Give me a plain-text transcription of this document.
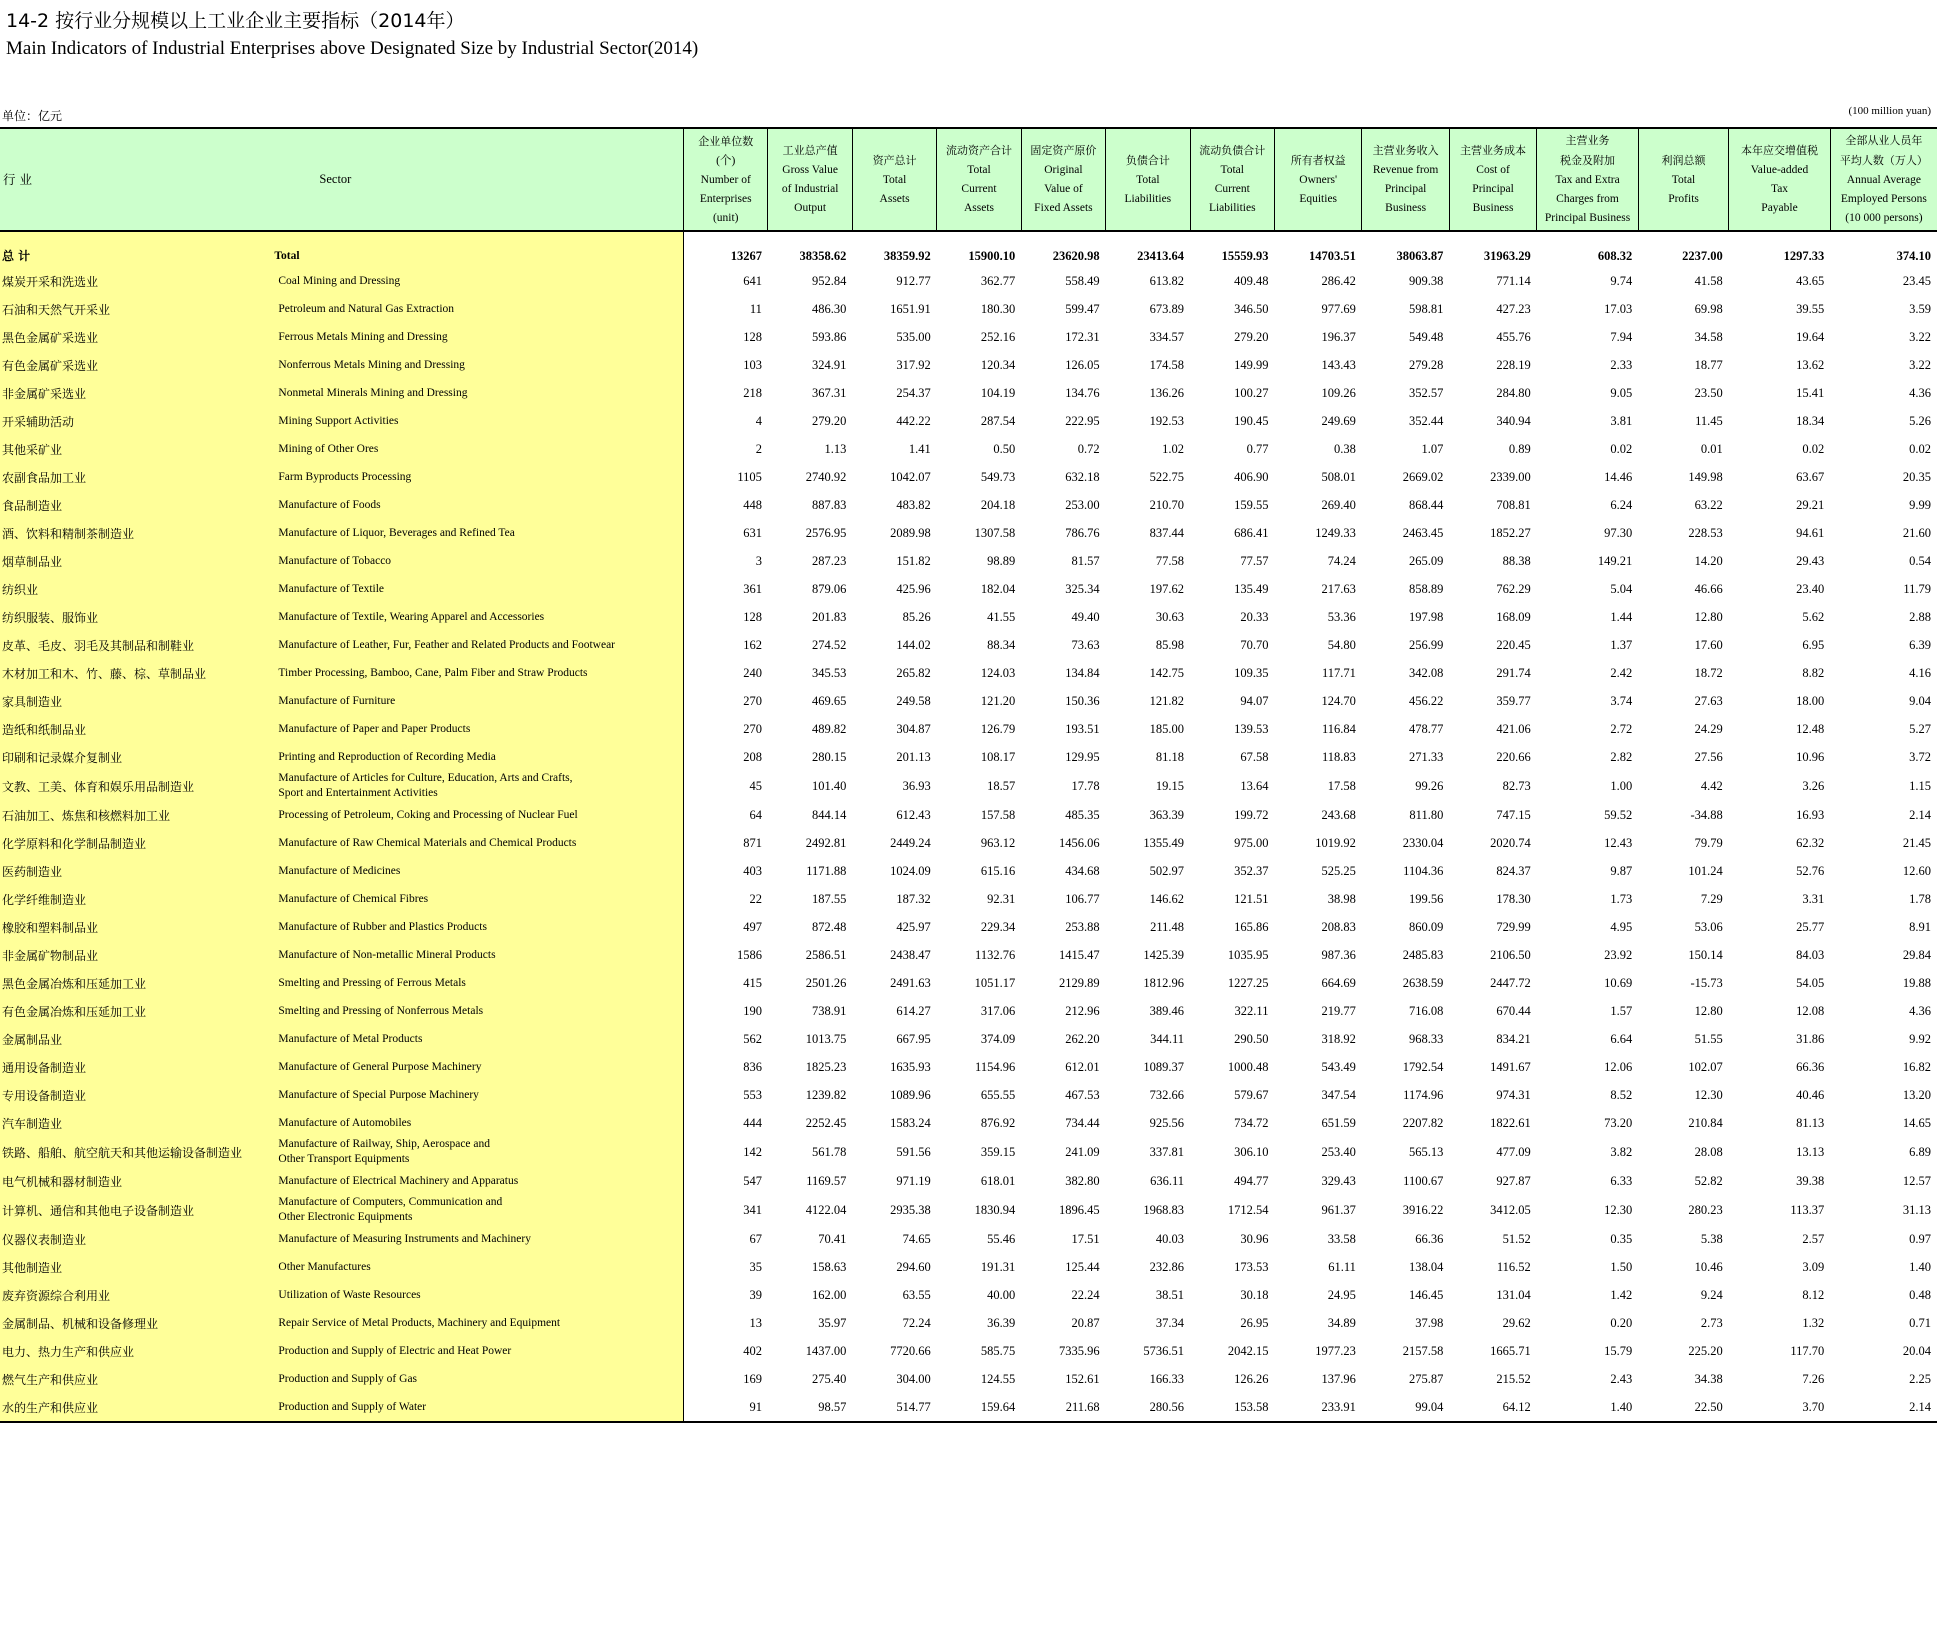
14-2 按行业分规模以上工业企业主要指标（2014年）
Main Indicators of Industrial Enterprises above Designated Size by Industrial Sector(2014)
单位：亿元	(100 million yuan)
行 业	Sector	企业单位数
(个)
Number of
Enterprises
(unit)	工业总产值
Gross Value
of Industrial
Output	资产总计
Total
Assets	流动资产合计
Total
Current
Assets	固定资产原价
Original
Value of
Fixed Assets	负债合计
Total
Liabilities	流动负债合计
Total
Current
Liabilities	所有者权益
Owners'
Equities	主营业务收入
Revenue from
Principal
Business	主营业务成本
Cost of
Principal
Business	主营业务
税金及附加
Tax and Extra
Charges from
Principal Business	利润总额
Total
Profits	本年应交增值税
Value-added
Tax
Payable	全部从业人员年
平均人数（万人）
Annual Average
Employed Persons
(10 000 persons)
总 计	Total	13267	38358.62	38359.92	15900.10	23620.98	23413.64	15559.93	14703.51	38063.87	31963.29	608.32	2237.00	1297.33	374.10
煤炭开采和洗选业	Coal Mining and Dressing	641	952.84	912.77	362.77	558.49	613.82	409.48	286.42	909.38	771.14	9.74	41.58	43.65	23.45
石油和天然气开采业	Petroleum and Natural Gas Extraction	11	486.30	1651.91	180.30	599.47	673.89	346.50	977.69	598.81	427.23	17.03	69.98	39.55	3.59
黑色金属矿采选业	Ferrous Metals Mining and Dressing	128	593.86	535.00	252.16	172.31	334.57	279.20	196.37	549.48	455.76	7.94	34.58	19.64	3.22
有色金属矿采选业	Nonferrous Metals Mining and Dressing	103	324.91	317.92	120.34	126.05	174.58	149.99	143.43	279.28	228.19	2.33	18.77	13.62	3.22
非金属矿采选业	Nonmetal Minerals Mining and Dressing	218	367.31	254.37	104.19	134.76	136.26	100.27	109.26	352.57	284.80	9.05	23.50	15.41	4.36
开采辅助活动	Mining Support Activities	4	279.20	442.22	287.54	222.95	192.53	190.45	249.69	352.44	340.94	3.81	11.45	18.34	5.26
其他采矿业	Mining of Other Ores	2	1.13	1.41	0.50	0.72	1.02	0.77	0.38	1.07	0.89	0.02	0.01	0.02	0.02
农副食品加工业	Farm Byproducts Processing	1105	2740.92	1042.07	549.73	632.18	522.75	406.90	508.01	2669.02	2339.00	14.46	149.98	63.67	20.35
食品制造业	Manufacture of Foods	448	887.83	483.82	204.18	253.00	210.70	159.55	269.40	868.44	708.81	6.24	63.22	29.21	9.99
酒、饮料和精制茶制造业	Manufacture of Liquor, Beverages and Refined Tea	631	2576.95	2089.98	1307.58	786.76	837.44	686.41	1249.33	2463.45	1852.27	97.30	228.53	94.61	21.60
烟草制品业	Manufacture of Tobacco	3	287.23	151.82	98.89	81.57	77.58	77.57	74.24	265.09	88.38	149.21	14.20	29.43	0.54
纺织业	Manufacture of Textile	361	879.06	425.96	182.04	325.34	197.62	135.49	217.63	858.89	762.29	5.04	46.66	23.40	11.79
纺织服装、服饰业	Manufacture of Textile, Wearing Apparel and Accessories	128	201.83	85.26	41.55	49.40	30.63	20.33	53.36	197.98	168.09	1.44	12.80	5.62	2.88
皮革、毛皮、羽毛及其制品和制鞋业	Manufacture of Leather, Fur, Feather and Related Products and Footwear	162	274.52	144.02	88.34	73.63	85.98	70.70	54.80	256.99	220.45	1.37	17.60	6.95	6.39
木材加工和木、竹、藤、棕、草制品业	Timber Processing, Bamboo, Cane, Palm Fiber and Straw Products	240	345.53	265.82	124.03	134.84	142.75	109.35	117.71	342.08	291.74	2.42	18.72	8.82	4.16
家具制造业	Manufacture of Furniture	270	469.65	249.58	121.20	150.36	121.82	94.07	124.70	456.22	359.77	3.74	27.63	18.00	9.04
造纸和纸制品业	Manufacture of Paper and Paper Products	270	489.82	304.87	126.79	193.51	185.00	139.53	116.84	478.77	421.06	2.72	24.29	12.48	5.27
印刷和记录媒介复制业	Printing and Reproduction of Recording Media	208	280.15	201.13	108.17	129.95	81.18	67.58	118.83	271.33	220.66	2.82	27.56	10.96	3.72
文教、工美、体育和娱乐用品制造业	Manufacture of Articles for Culture, Education, Arts and Crafts,
Sport and Entertainment Activities	45	101.40	36.93	18.57	17.78	19.15	13.64	17.58	99.26	82.73	1.00	4.42	3.26	1.15
石油加工、炼焦和核燃料加工业	Processing of Petroleum, Coking and Processing of Nuclear Fuel	64	844.14	612.43	157.58	485.35	363.39	199.72	243.68	811.80	747.15	59.52	-34.88	16.93	2.14
化学原料和化学制品制造业	Manufacture of Raw Chemical Materials and Chemical Products	871	2492.81	2449.24	963.12	1456.06	1355.49	975.00	1019.92	2330.04	2020.74	12.43	79.79	62.32	21.45
医药制造业	Manufacture of Medicines	403	1171.88	1024.09	615.16	434.68	502.97	352.37	525.25	1104.36	824.37	9.87	101.24	52.76	12.60
化学纤维制造业	Manufacture of Chemical Fibres	22	187.55	187.32	92.31	106.77	146.62	121.51	38.98	199.56	178.30	1.73	7.29	3.31	1.78
橡胶和塑料制品业	Manufacture of Rubber and Plastics Products	497	872.48	425.97	229.34	253.88	211.48	165.86	208.83	860.09	729.99	4.95	53.06	25.77	8.91
非金属矿物制品业	Manufacture of Non-metallic Mineral Products	1586	2586.51	2438.47	1132.76	1415.47	1425.39	1035.95	987.36	2485.83	2106.50	23.92	150.14	84.03	29.84
黑色金属冶炼和压延加工业	Smelting and Pressing of Ferrous Metals	415	2501.26	2491.63	1051.17	2129.89	1812.96	1227.25	664.69	2638.59	2447.72	10.69	-15.73	54.05	19.88
有色金属冶炼和压延加工业	Smelting and Pressing of Nonferrous Metals	190	738.91	614.27	317.06	212.96	389.46	322.11	219.77	716.08	670.44	1.57	12.80	12.08	4.36
金属制品业	Manufacture of Metal Products	562	1013.75	667.95	374.09	262.20	344.11	290.50	318.92	968.33	834.21	6.64	51.55	31.86	9.92
通用设备制造业	Manufacture of General Purpose Machinery	836	1825.23	1635.93	1154.96	612.01	1089.37	1000.48	543.49	1792.54	1491.67	12.06	102.07	66.36	16.82
专用设备制造业	Manufacture of Special Purpose Machinery	553	1239.82	1089.96	655.55	467.53	732.66	579.67	347.54	1174.96	974.31	8.52	12.30	40.46	13.20
汽车制造业	Manufacture of Automobiles	444	2252.45	1583.24	876.92	734.44	925.56	734.72	651.59	2207.82	1822.61	73.20	210.84	81.13	14.65
铁路、船舶、航空航天和其他运输设备制造业	Manufacture of Railway, Ship, Aerospace and
Other Transport Equipments	142	561.78	591.56	359.15	241.09	337.81	306.10	253.40	565.13	477.09	3.82	28.08	13.13	6.89
电气机械和器材制造业	Manufacture of Electrical Machinery and Apparatus	547	1169.57	971.19	618.01	382.80	636.11	494.77	329.43	1100.67	927.87	6.33	52.82	39.38	12.57
计算机、通信和其他电子设备制造业	Manufacture of Computers, Communication and
Other Electronic Equipments	341	4122.04	2935.38	1830.94	1896.45	1968.83	1712.54	961.37	3916.22	3412.05	12.30	280.23	113.37	31.13
仪器仪表制造业	Manufacture of Measuring Instruments and Machinery	67	70.41	74.65	55.46	17.51	40.03	30.96	33.58	66.36	51.52	0.35	5.38	2.57	0.97
其他制造业	Other Manufactures	35	158.63	294.60	191.31	125.44	232.86	173.53	61.11	138.04	116.52	1.50	10.46	3.09	1.40
废弃资源综合利用业	Utilization of Waste Resources	39	162.00	63.55	40.00	22.24	38.51	30.18	24.95	146.45	131.04	1.42	9.24	8.12	0.48
金属制品、机械和设备修理业	Repair Service of Metal Products, Machinery and Equipment	13	35.97	72.24	36.39	20.87	37.34	26.95	34.89	37.98	29.62	0.20	2.73	1.32	0.71
电力、热力生产和供应业	Production and Supply of Electric and Heat Power	402	1437.00	7720.66	585.75	7335.96	5736.51	2042.15	1977.23	2157.58	1665.71	15.79	225.20	117.70	20.04
燃气生产和供应业	Production and Supply of Gas	169	275.40	304.00	124.55	152.61	166.33	126.26	137.96	275.87	215.52	2.43	34.38	7.26	2.25
水的生产和供应业	Production and Supply of Water	91	98.57	514.77	159.64	211.68	280.56	153.58	233.91	99.04	64.12	1.40	22.50	3.70	2.14
